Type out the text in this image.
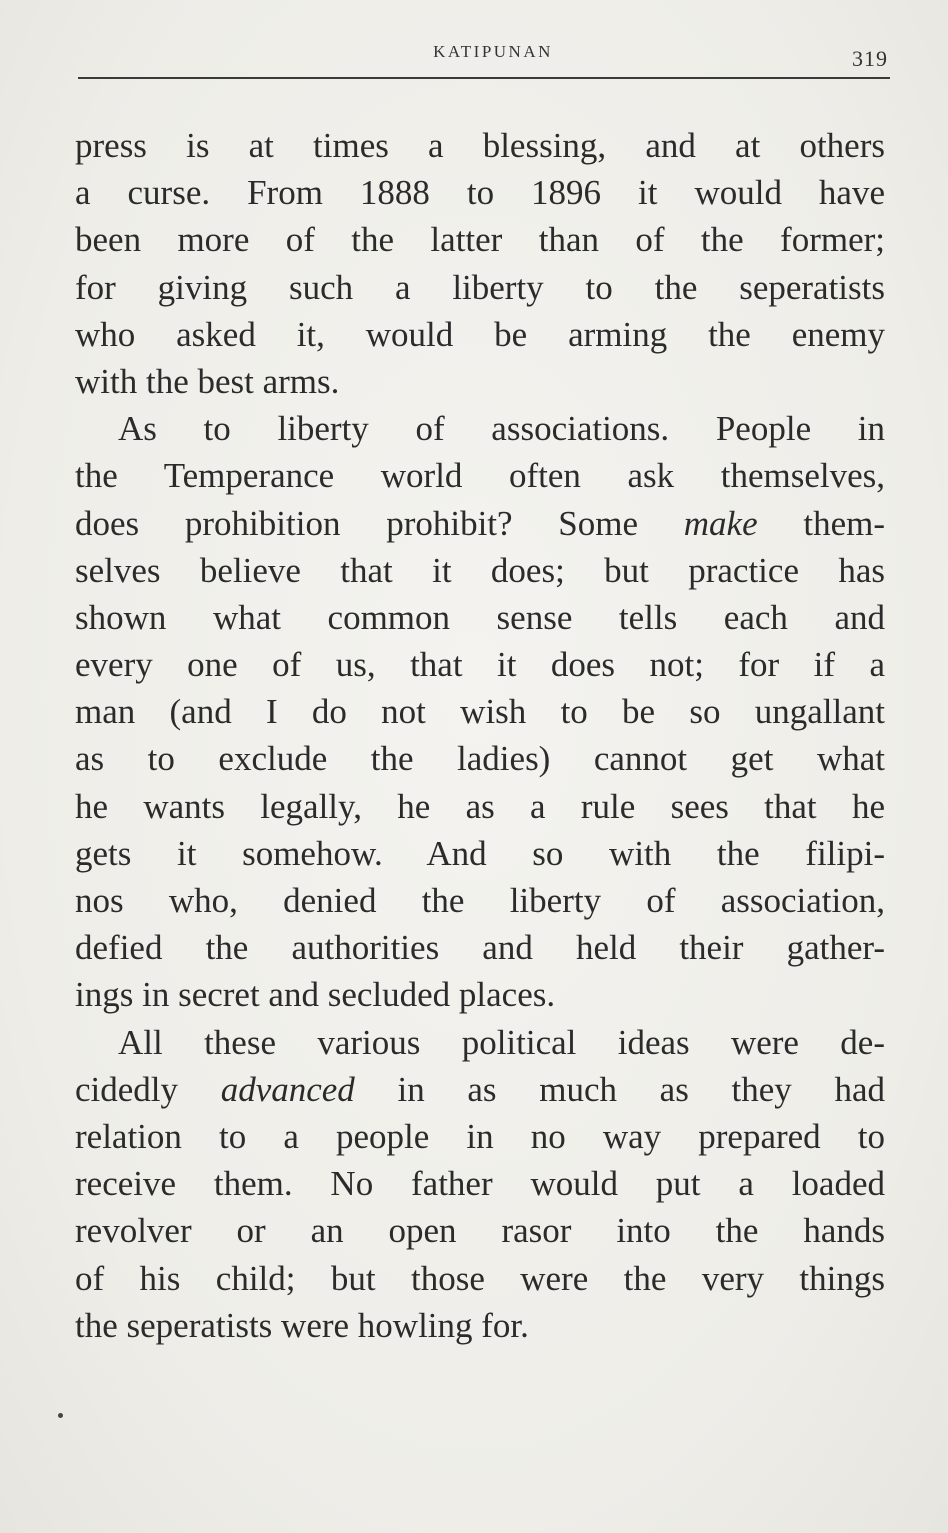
KATIPUNAN	319
press is at times a blessing, and at others
a curse. From 1888 to 1896 it would have
been more of the latter than of the former;
for giving such a liberty to the seperatists
who asked it, would be arming the enemy
with the best arms.
As to liberty of associations. People in
the Temperance world often ask themselves,
does prohibition prohibit? Some make them-
selves believe that it does; but practice has
shown what common sense tells each and
every one of us, that it does not; for if a
man (and I do not wish to be so ungallant
as to exclude the ladies) cannot get what
he wants legally, he as a rule sees that he
gets it somehow. And so with the filipi-
nos who, denied the liberty of association,
defied the authorities and held their gather-
ings in secret and secluded places.
All these various political ideas were de-
cidedly advanced in as much as they had
relation to a people in no way prepared to
receive them. No father would put a loaded
revolver or an open rasor into the hands
of his child; but those were the very things
the seperatists were howling for.
